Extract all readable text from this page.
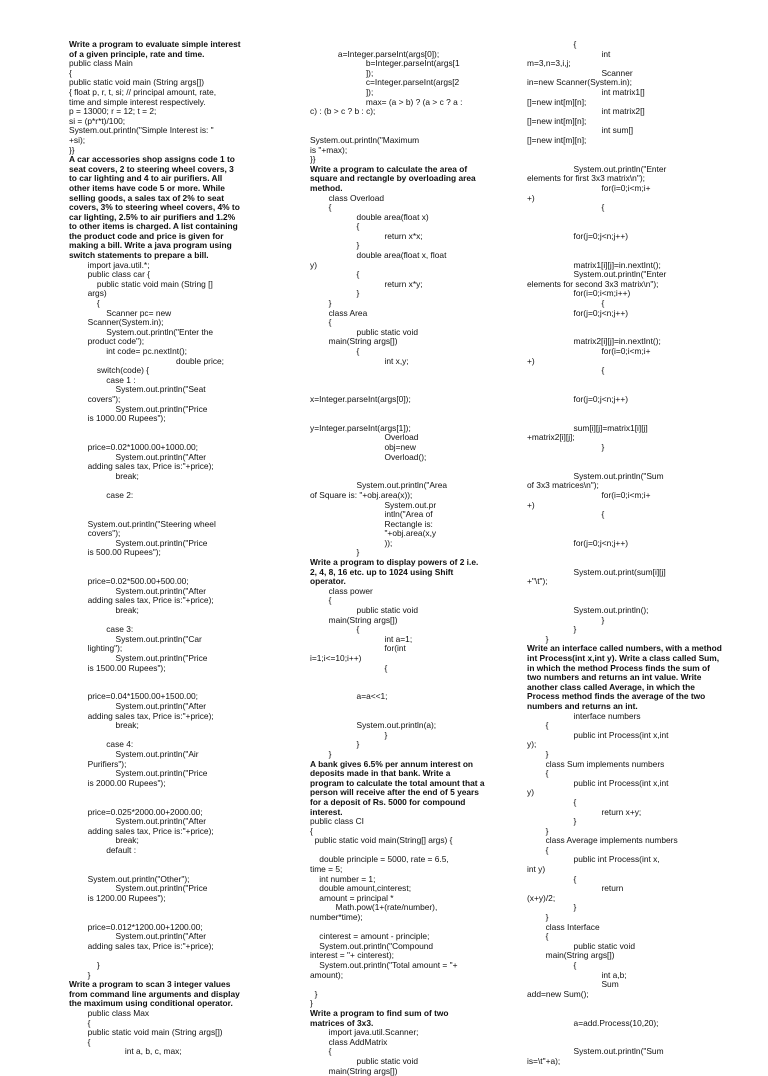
Write a program to evaluate simple interest of a given principle, rate and time.
public class Main
{
public static void main (String args[])
{ float p, r, t, si; // principal amount, rate,
time and simple interest respectively.
p = 13000; r = 12; t = 2;
si = (p*r*t)/100;
System.out.println("Simple Interest is: "
+si);
}}
A car accessories shop assigns code 1 to seat covers, 2 to steering wheel covers, 3 to car lighting and 4 to air purifiers. All other items have code 5 or more. While selling goods, a sales tax of 2% to seat covers, 3% to steering wheel covers, 4% to car lighting, 2.5% to air purifiers and 1.2% to other items is charged. A list containing the product code and price is given for making a bill. Write a java program using switch statements to prepare a bill.
import java.util.*;
public class car {
public static void main (String []
args)
{
Scanner pc= new
Scanner(System.in);
System.out.println("Enter the
product code");
int code= pc.nextInt();
double price;
switch(code) {
case 1 :
System.out.println("Seat
covers");
System.out.println("Price
is 1000.00 Rupees");

price=0.02*1000.00+1000.00;
System.out.println("After
adding sales tax, Price is:"+price);
break;

case 2:

System.out.println("Steering wheel
covers");
System.out.println("Price
is 500.00 Rupees");

price=0.02*500.00+500.00;
System.out.println("After
adding sales tax, Price is:"+price);
break;

case 3:
System.out.println("Car
lighting");
System.out.println("Price
is 1500.00 Rupees");

price=0.04*1500.00+1500.00;
System.out.println("After
adding sales tax, Price is:"+price);
break;

case 4:
System.out.println("Air
Purifiers");
System.out.println("Price
is 2000.00 Rupees");

price=0.025*2000.00+2000.00;
System.out.println("After
adding sales tax, Price is:"+price);
break;
default :

System.out.println("Other");
System.out.println("Price
is 1200.00 Rupees");

price=0.012*1200.00+1200.00;
System.out.println("After
adding sales tax, Price is:"+price);

}
}
Write a program to scan 3 integer values from command line arguments and display the maximum using conditional operator.
public class Max
{
public static void main (String args[])
{
int a, b, c, max;

a=Integer.parseInt(args[0]);
b=Integer.parseInt(args[1
]);
c=Integer.parseInt(args[2
]);
max= (a > b) ? (a > c ? a :
c) : (b > c ? b : c);

System.out.println("Maximum
is "+max);
}}
Write a program to calculate the area of square and rectangle by overloading area method.
class Overload
{
double area(float x)
{
return x*x;
}
double area(float x, float
y)
{
return x*y;
}
}
class Area
{
public static void
main(String args[])
{
int x,y;

x=Integer.parseInt(args[0]);

y=Integer.parseInt(args[1]);
Overload
obj=new
Overload();

System.out.println("Area
of Square is: "+obj.area(x));
System.out.pr
intln("Area of
Rectangle is:
"+obj.area(x,y
));
}
Write a program to display powers of 2 i.e. 2, 4, 8, 16 etc. up to 1024 using Shift operator.
class power
{
public static void
main(String args[])
{
int a=1;
for(int
i=1;i<=10;i++)
{

a=a<<1;

System.out.println(a);
}
}
}
A bank gives 6.5% per annum interest on deposits made in that bank. Write a program to calculate the total amount that a person will receive after the end of 5 years for a deposit of Rs. 5000 for compound interest.
public class CI
{
public static void main(String[] args) {

double principle = 5000, rate = 6.5,
time = 5;
int number = 1;
double amount,cinterest;
amount = principal *
Math.pow(1+(rate/number),
number*time);

cinterest = amount - principle;
System.out.println("Compound
interest = "+ cinterest);
System.out.println("Total amount = "+
amount);

}
}
Write a program to find sum of two matrices of 3x3.
import java.util.Scanner;
class AddMatrix
{
public static void
main(String args[])
{
int
m=3,n=3,i,j;
Scanner
in=new Scanner(System.in);
int matrix1[]
[]=new int[m][n];
int matrix2[]
[]=new int[m][n];
int sum[]
[]=new int[m][n];

System.out.println("Enter
elements for first 3x3 matrix\n");
for(i=0;i<m;i+
+)
{

for(j=0;j<n;j++)

matrix1[i][j]=in.nextInt();
System.out.println("Enter
elements for second 3x3 matrix\n");
for(i=0;i<m;i++)
{
for(j=0;j<n;j++)

matrix2[i][j]=in.nextInt();
for(i=0;i<m;i+
+)
{

for(j=0;j<n;j++)

sum[i][j]=matrix1[i][j]
+matrix2[i][j];
}

System.out.println("Sum
of 3x3 matrices\n");
for(i=0;i<m;i+
+)
{

for(j=0;j<n;j++)

System.out.print(sum[i][j]
+"\t");

System.out.println();
}
}
}
Write an interface called numbers, with a method int Process(int x,int y). Write a class called Sum, in which the method Process finds the sum of two numbers and returns an int value. Write another class called Average, in which the Process method finds the average of the two numbers and returns an int.
interface numbers
{
public int Process(int x,int
y);
}
class Sum implements numbers
{
public int Process(int x,int
y)
{
return x+y;
}
}
class Average implements numbers
{
public int Process(int x,
int y)
{
return
(x+y)/2;
}
}
class Interface
{
public static void
main(String args[])
{
int a,b;
Sum
add=new Sum();

a=add.Process(10,20);

System.out.println("Sum
is=\t"+a);
